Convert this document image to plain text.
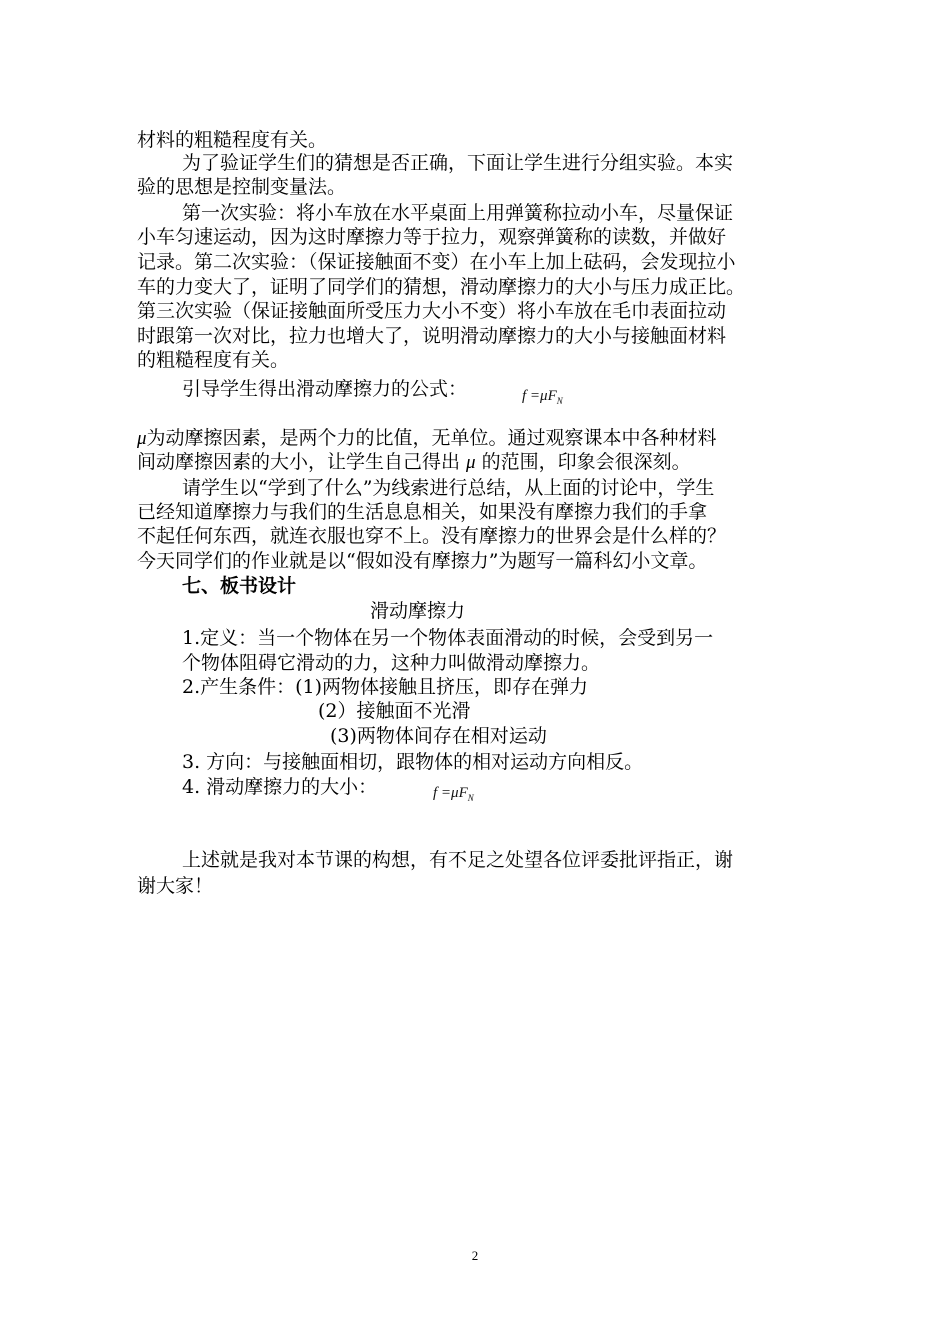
材料的粗糙程度有关。
为了验证学生们的猜想是否正确，下面让学生进行分组实验。本实
验的思想是控制变量法。
第一次实验：将小车放在水平桌面上用弹簧称拉动小车，尽量保证
小车匀速运动，因为这时摩擦力等于拉力，观察弹簧称的读数，并做好
记录。第二次实验：（保证接触面不变）在小车上加上砝码，会发现拉小
车的力变大了，证明了同学们的猜想，滑动摩擦力的大小与压力成正比。
第三次实验（保证接触面所受压力大小不变）将小车放在毛巾表面拉动
时跟第一次对比，拉力也增大了，说明滑动摩擦力的大小与接触面材料
的粗糙程度有关。
引导学生得出滑动摩擦力的公式：	$f =\mu F_N$
μ为动摩擦因素，是两个力的比值，无单位。通过观察课本中各种材料
间动摩擦因素的大小，让学生自己得出 μ 的范围，印象会很深刻。
请学生以“学到了什么”为线索进行总结，从上面的讨论中，学生
已经知道摩擦力与我们的生活息息相关，如果没有摩擦力我们的手拿
不起任何东西，就连衣服也穿不上。没有摩擦力的世界会是什么样的？
今天同学们的作业就是以“假如没有摩擦力”为题写一篇科幻小文章。
七、板书设计
滑动摩擦力
1.定义：当一个物体在另一个物体表面滑动的时候，会受到另一
个物体阻碍它滑动的力，这种力叫做滑动摩擦力。
2.产生条件：(1)两物体接触且挤压，即存在弹力
(2）接触面不光滑
(3)两物体间存在相对运动
3. 方向：与接触面相切，跟物体的相对运动方向相反。
4. 滑动摩擦力的大小：	$f =\mu F_N$
上述就是我对本节课的构想，有不足之处望各位评委批评指正，谢
谢大家！
2
